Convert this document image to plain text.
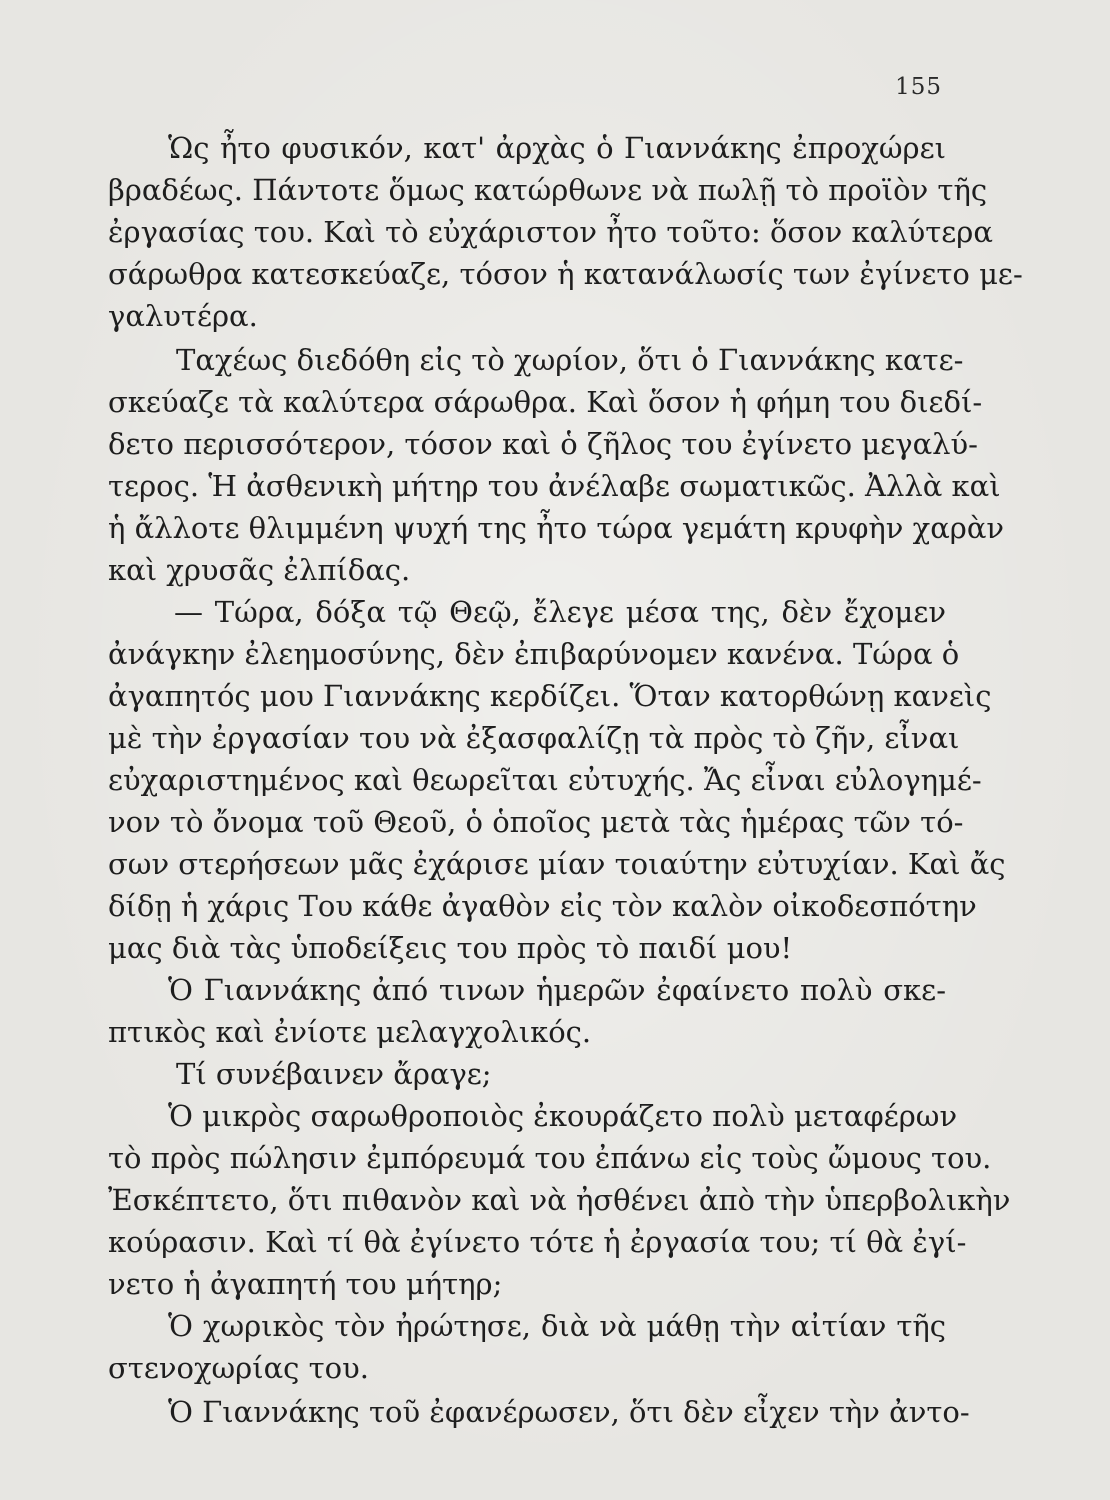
155
Ὡς ἦτο φυσικόν, κατ' ἀρχὰς ὁ Γιαννάκης ἐπροχώρει
βραδέως. Πάντοτε ὅμως κατώρθωνε νὰ πωλῇ τὸ προϊὸν τῆς
ἐργασίας του. Καὶ τὸ εὐχάριστον ἦτο τοῦτο: ὅσον καλύτερα
σάρωθρα κατεσκεύαζε, τόσον ἡ κατανάλωσίς των ἐγίνετο με-
γαλυτέρα.
Ταχέως διεδόθη εἰς τὸ χωρίον, ὅτι ὁ Γιαννάκης κατε-
σκεύαζε τὰ καλύτερα σάρωθρα. Καὶ ὅσον ἡ φήμη του διεδί-
δετο περισσότερον, τόσον καὶ ὁ ζῆλος του ἐγίνετο μεγαλύ-
τερος. Ἡ ἀσθενικὴ μήτηρ του ἀνέλαβε σωματικῶς. Ἀλλὰ καὶ
ἡ ἄλλοτε θλιμμένη ψυχή της ἦτο τώρα γεμάτη κρυφὴν χαρὰν
καὶ χρυσᾶς ἐλπίδας.
— Τώρα, δόξα τῷ Θεῷ, ἔλεγε μέσα της, δὲν ἔχομεν
ἀνάγκην ἐλεημοσύνης, δὲν ἐπιβαρύνομεν κανένα. Τώρα ὁ
ἀγαπητός μου Γιαννάκης κερδίζει. Ὅταν κατορθώνῃ κανεὶς
μὲ τὴν ἐργασίαν του νὰ ἐξασφαλίζῃ τὰ πρὸς τὸ ζῆν, εἶναι
εὐχαριστημένος καὶ θεωρεῖται εὐτυχής. Ἄς εἶναι εὐλογημέ-
νον τὸ ὄνομα τοῦ Θεοῦ, ὁ ὁποῖος μετὰ τὰς ἡμέρας τῶν τό-
σων στερήσεων μᾶς ἐχάρισε μίαν τοιαύτην εὐτυχίαν. Καὶ ἄς
δίδῃ ἡ χάρις Του κάθε ἀγαθὸν εἰς τὸν καλὸν οἰκοδεσπότην
μας διὰ τὰς ὑποδείξεις του πρὸς τὸ παιδί μου!
Ὁ Γιαννάκης ἀπό τινων ἡμερῶν ἐφαίνετο πολὺ σκε-
πτικὸς καὶ ἐνίοτε μελαγχολικός.
Τί συνέβαινεν ἄραγε;
Ὁ μικρὸς σαρωθροποιὸς ἐκουράζετο πολὺ μεταφέρων
τὸ πρὸς πώλησιν ἐμπόρευμά του ἐπάνω εἰς τοὺς ὤμους του.
Ἐσκέπτετο, ὅτι πιθανὸν καὶ νὰ ἠσθένει ἀπὸ τὴν ὑπερβολικὴν
κούρασιν. Καὶ τί θὰ ἐγίνετο τότε ἡ ἐργασία του; τί θὰ ἐγί-
νετο ἡ ἀγαπητή του μήτηρ;
Ὁ χωρικὸς τὸν ἠρώτησε, διὰ νὰ μάθῃ τὴν αἰτίαν τῆς
στενοχωρίας του.
Ὁ Γιαννάκης τοῦ ἐφανέρωσεν, ὅτι δὲν εἶχεν τὴν ἀντο-
